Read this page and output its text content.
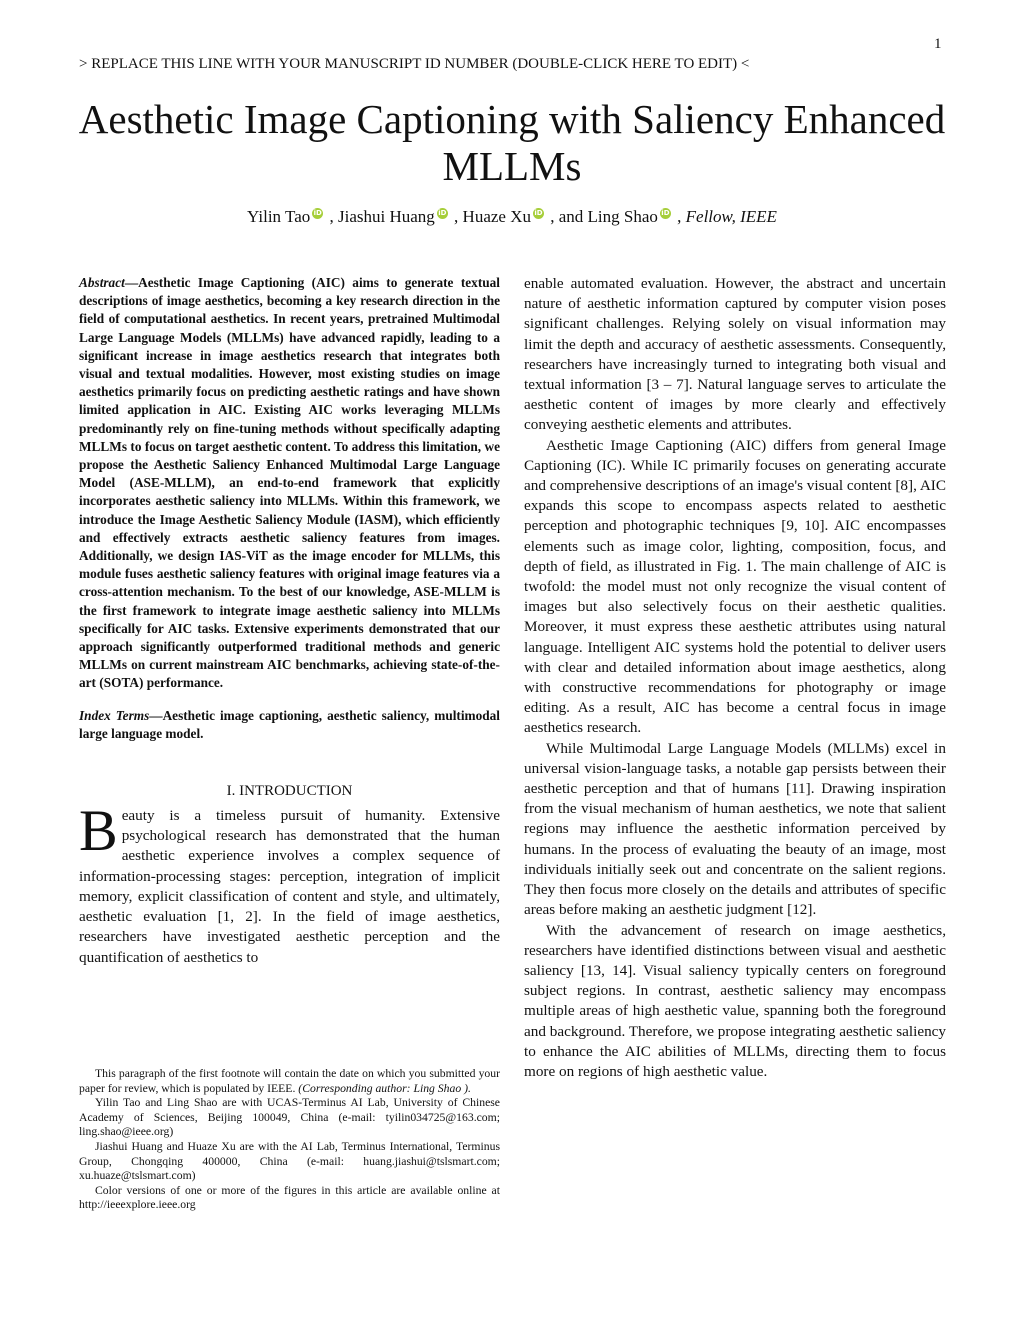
1
> REPLACE THIS LINE WITH YOUR MANUSCRIPT ID NUMBER (DOUBLE-CLICK HERE TO EDIT) <
Aesthetic Image Captioning with Saliency Enhanced MLLMs
Yilin Tao iD , Jiashui Huang iD , Huaze Xu iD , and Ling Shao iD , Fellow, IEEE

Abstract—Aesthetic Image Captioning (AIC) aims to generate textual descriptions of image aesthetics, becoming a key research direction in the field of computational aesthetics. In recent years, pretrained Multimodal Large Language Models (MLLMs) have advanced rapidly, leading to a significant increase in image aesthetics research that integrates both visual and textual modalities. However, most existing studies on image aesthetics primarily focus on predicting aesthetic ratings and have shown limited application in AIC. Existing AIC works leveraging MLLMs predominantly rely on fine-tuning methods without specifically adapting MLLMs to focus on target aesthetic content. To address this limitation, we propose the Aesthetic Saliency Enhanced Multimodal Large Language Model (ASE-MLLM), an end-to-end framework that explicitly incorporates aesthetic saliency into MLLMs. Within this framework, we introduce the Image Aesthetic Saliency Module (IASM), which efficiently and effectively extracts aesthetic saliency features from images. Additionally, we design IAS-ViT as the image encoder for MLLMs, this module fuses aesthetic saliency features with original image features via a cross-attention mechanism. To the best of our knowledge, ASE-MLLM is the first framework to integrate image aesthetic saliency into MLLMs specifically for AIC tasks. Extensive experiments demonstrated that our approach significantly outperformed traditional methods and generic MLLMs on current mainstream AIC benchmarks, achieving state-of-the-art (SOTA) performance.

Index Terms—Aesthetic image captioning, aesthetic saliency, multimodal large language model.

I. INTRODUCTION

Beauty is a timeless pursuit of humanity. Extensive psychological research has demonstrated that the human aesthetic experience involves a complex sequence of information-processing stages: perception, integration of implicit memory, explicit classification of content and style, and ultimately, aesthetic evaluation [1, 2]. In the field of image aesthetics, researchers have investigated aesthetic perception and the quantification of aesthetics to

This paragraph of the first footnote will contain the date on which you submitted your paper for review, which is populated by IEEE. (Corresponding author: Ling Shao ).

Yilin Tao and Ling Shao are with UCAS-Terminus AI Lab, University of Chinese Academy of Sciences, Beijing 100049, China (e-mail: tyilin034725@163.com; ling.shao@ieee.org)

Jiashui Huang and Huaze Xu are with the AI Lab, Terminus International, Terminus Group, Chongqing 400000, China (e-mail: huang.jiashui@tslsmart.com; xu.huaze@tslsmart.com)

Color versions of one or more of the figures in this article are available online at http://ieeexplore.ieee.org

enable automated evaluation. However, the abstract and uncertain nature of aesthetic information captured by computer vision poses significant challenges. Relying solely on visual information may limit the depth and accuracy of aesthetic assessments. Consequently, researchers have increasingly turned to integrating both visual and textual information [3 – 7]. Natural language serves to articulate the aesthetic content of images by more clearly and effectively conveying aesthetic elements and attributes.

Aesthetic Image Captioning (AIC) differs from general Image Captioning (IC). While IC primarily focuses on generating accurate and comprehensive descriptions of an image's visual content [8], AIC expands this scope to encompass aspects related to aesthetic perception and photographic techniques [9, 10]. AIC encompasses elements such as image color, lighting, composition, focus, and depth of field, as illustrated in Fig. 1. The main challenge of AIC is twofold: the model must not only recognize the visual content of images but also selectively focus on their aesthetic qualities. Moreover, it must express these aesthetic attributes using natural language. Intelligent AIC systems hold the potential to deliver users with clear and detailed information about image aesthetics, along with constructive recommendations for photography or image editing. As a result, AIC has become a central focus in image aesthetics research.

While Multimodal Large Language Models (MLLMs) excel in universal vision-language tasks, a notable gap persists between their aesthetic perception and that of humans [11]. Drawing inspiration from the visual mechanism of human aesthetics, we note that salient regions may influence the aesthetic information perceived by humans. In the process of evaluating the beauty of an image, most individuals initially seek out and concentrate on the salient regions. They then focus more closely on the details and attributes of specific areas before making an aesthetic judgment [12].

With the advancement of research on image aesthetics, researchers have identified distinctions between visual and aesthetic saliency [13, 14]. Visual saliency typically centers on foreground subject regions. In contrast, aesthetic saliency may encompass multiple areas of high aesthetic value, spanning both the foreground and background. Therefore, we propose integrating aesthetic saliency to enhance the AIC abilities of MLLMs, directing them to focus more on regions of high aesthetic value.
